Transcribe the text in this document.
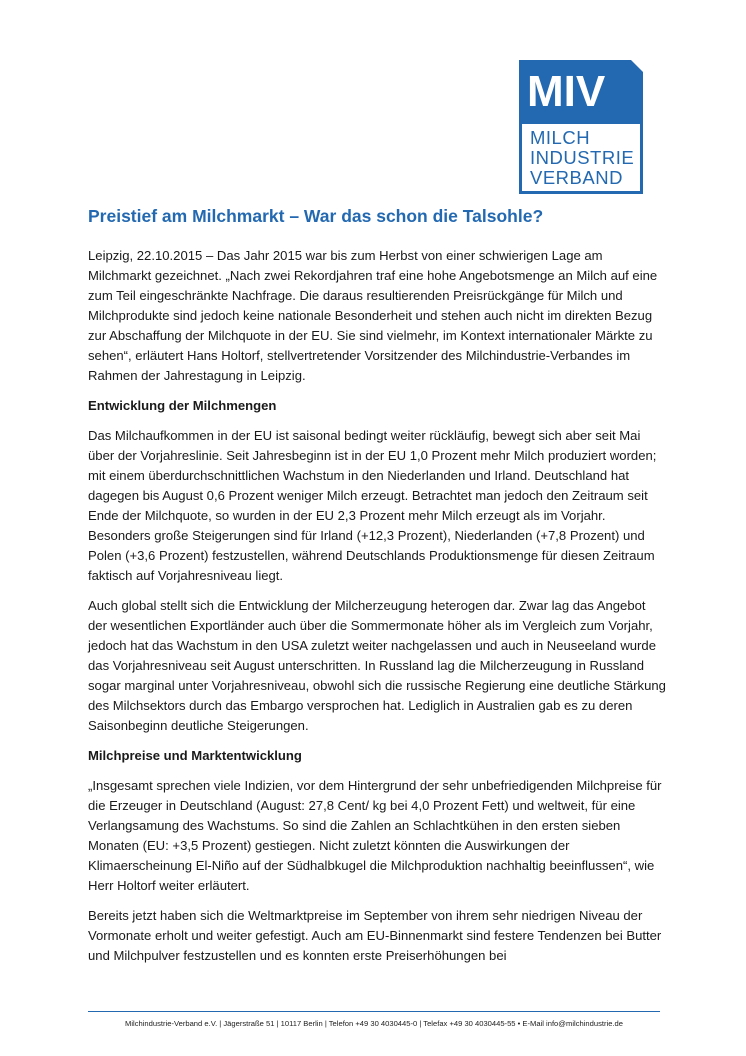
MIV
MILCH
INDUSTRIE
VERBAND
Preistief am Milchmarkt – War das schon die Talsohle?

Leipzig, 22.10.2015 – Das Jahr 2015 war bis zum Herbst von einer schwierigen Lage am Milchmarkt gezeichnet. „Nach zwei Rekordjahren traf eine hohe Angebotsmenge an Milch auf eine zum Teil eingeschränkte Nachfrage. Die daraus resultierenden Preisrückgänge für Milch und Milchprodukte sind jedoch keine nationale Besonderheit und stehen auch nicht im direkten Bezug zur Abschaffung der Milchquote in der EU. Sie sind vielmehr, im Kontext internationaler Märkte zu sehen“, erläutert Hans Holtorf, stellvertretender Vorsitzender des Milchindustrie-Verbandes im Rahmen der Jahrestagung in Leipzig.

Entwicklung der Milchmengen

Das Milchaufkommen in der EU ist saisonal bedingt weiter rückläufig, bewegt sich aber seit Mai über der Vorjahreslinie. Seit Jahresbeginn ist in der EU 1,0 Prozent mehr Milch produziert worden; mit einem überdurchschnittlichen Wachstum in den Niederlanden und Irland. Deutschland hat dagegen bis August 0,6 Prozent weniger Milch erzeugt. Betrachtet man jedoch den Zeitraum seit Ende der Milchquote, so wurden in der EU 2,3 Prozent mehr Milch erzeugt als im Vorjahr. Besonders große Steigerungen sind für Irland (+12,3 Prozent), Niederlanden (+7,8 Prozent) und Polen (+3,6 Prozent) festzustellen, während Deutschlands Produktionsmenge für diesen Zeitraum faktisch auf Vorjahresniveau liegt.

Auch global stellt sich die Entwicklung der Milcherzeugung heterogen dar. Zwar lag das Angebot der wesentlichen Exportländer auch über die Sommermonate höher als im Vergleich zum Vorjahr, jedoch hat das Wachstum in den USA zuletzt weiter nachgelassen und auch in Neuseeland wurde das Vorjahresniveau seit August unterschritten. In Russland lag die Milcherzeugung in Russland sogar marginal unter Vorjahresniveau, obwohl sich die russische Regierung eine deutliche Stärkung des Milchsektors durch das Embargo versprochen hat. Lediglich in Australien gab es zu deren Saisonbeginn deutliche Steigerungen.

Milchpreise und Marktentwicklung

„Insgesamt sprechen viele Indizien, vor dem Hintergrund der sehr unbefriedigenden Milchpreise für die Erzeuger in Deutschland (August: 27,8 Cent/ kg bei 4,0 Prozent Fett) und weltweit, für eine Verlangsamung des Wachstums. So sind die Zahlen an Schlachtkühen in den ersten sieben Monaten (EU: +3,5 Prozent) gestiegen. Nicht zuletzt könnten die Auswirkungen der Klimaerscheinung El-Niño auf der Südhalbkugel die Milchproduktion nachhaltig beeinflussen“, wie Herr Holtorf weiter erläutert.

Bereits jetzt haben sich die Weltmarktpreise im September von ihrem sehr niedrigen Niveau der Vormonate erholt und weiter gefestigt. Auch am EU-Binnenmarkt sind festere Tendenzen bei Butter und Milchpulver festzustellen und es konnten erste Preiserhöhungen bei

Milchindustrie-Verband e.V. | Jägerstraße 51 | 10117 Berlin | Telefon +49 30 4030445-0 | Telefax +49 30 4030445-55 • E-Mail info@milchindustrie.de
